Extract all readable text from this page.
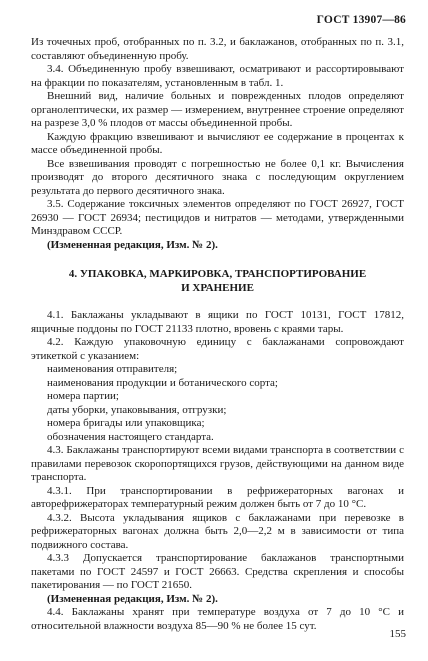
ГОСТ 13907—86

Из точечных проб, отобранных по п. 3.2, и баклажанов, отобранных по п. 3.1, составляют объединенную пробу.

3.4. Объединенную пробу взвешивают, осматривают и рассортировывают на фракции по показателям, установленным в табл. 1.

Внешний вид, наличие больных и поврежденных плодов определяют органолептически, их размер — измерением, внутреннее строение определяют на разрезе 3,0 % плодов от массы объединенной пробы.

Каждую фракцию взвешивают и вычисляют ее содержание в процентах к массе объединенной пробы.

Все взвешивания проводят с погрешностью не более 0,1 кг. Вычисления производят до второго десятичного знака с последующим округлением результата до первого десятичного знака.

3.5. Содержание токсичных элементов определяют по ГОСТ 26927, ГОСТ 26930 — ГОСТ 26934; пестицидов и нитратов — методами, утвержденными Минздравом СССР.

(Измененная редакция, Изм. № 2).

4. УПАКОВКА, МАРКИРОВКА, ТРАНСПОРТИРОВАНИЕ
И ХРАНЕНИЕ

4.1. Баклажаны укладывают в ящики по ГОСТ 10131, ГОСТ 17812, ящичные поддоны по ГОСТ 21133 плотно, вровень с краями тары.

4.2. Каждую упаковочную единицу с баклажанами сопровождают этикеткой с указанием:

наименования отправителя;

наименования продукции и ботанического сорта;

номера партии;

даты уборки, упаковывания, отгрузки;

номера бригады или упаковщика;

обозначения настоящего стандарта.

4.3. Баклажаны транспортируют всеми видами транспорта в соответствии с правилами перевозок скоропортящихся грузов, действующими на данном виде транспорта.

4.3.1. При транспортировании в рефрижераторных вагонах и авторефрижераторах температурный режим должен быть от 7 до 10 °С.

4.3.2. Высота укладывания ящиков с баклажанами при перевозке в рефрижераторных вагонах должна быть 2,0—2,2 м в зависимости от типа подвижного состава.

4.3.3 Допускается транспортирование баклажанов транспортными пакетами по ГОСТ 24597 и ГОСТ 26663. Средства скрепления и способы пакетирования — по ГОСТ 21650.

(Измененная редакция, Изм. № 2).

4.4. Баклажаны хранят при температуре воздуха от 7 до 10 °С и относительной влажности воздуха 85—90 % не более 15 сут.

155
